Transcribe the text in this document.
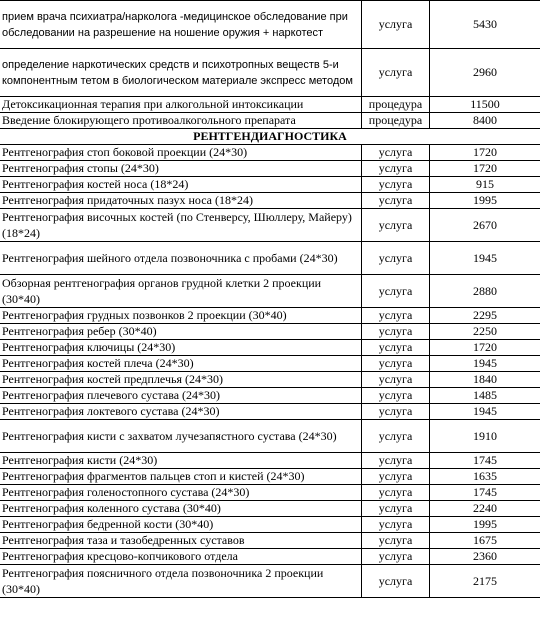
прием врача психиатра/нарколога -медицинское обследование при обследовании на разрешение на ношение оружия + наркотест	услуга	5430
определение наркотических средств и психотропных веществ 5-и компонентным тетом в биологическом материале экспресс методом	услуга	2960
Детоксикационная терапия при алкогольной интоксикации	процедура	11500
Введение блокирующего противоалкогольного препарата	процедура	8400
РЕНТГЕНДИАГНОСТИКА		
Рентгенография стоп боковой проекции (24*30)	услуга	1720
Рентгенография стопы (24*30)	услуга	1720
Рентгенография костей носа (18*24)	услуга	915
Рентгенография придаточных пазух носа (18*24)	услуга	1995
Рентгенография височных костей (по Стенверсу, Шюллеру, Майеру) (18*24)	услуга	2670
Рентгенография шейного отдела позвоночника с пробами (24*30)	услуга	1945
Обзорная рентгенография органов грудной клетки 2 проекции (30*40)	услуга	2880
Рентгенография грудных позвонков 2 проекции (30*40)	услуга	2295
Рентгенография ребер (30*40)	услуга	2250
Рентгенография ключицы (24*30)	услуга	1720
Рентгенография костей плеча (24*30)	услуга	1945
Рентгенография костей предплечья (24*30)	услуга	1840
Рентгенография плечевого сустава (24*30)	услуга	1485
Рентгенография локтевого сустава (24*30)	услуга	1945
Рентгенография кисти с захватом лучезапястного сустава (24*30)	услуга	1910
Рентгенография кисти (24*30)	услуга	1745
Рентгенография фрагментов пальцев стоп и кистей (24*30)	услуга	1635
Рентгенография голеностопного сустава (24*30)	услуга	1745
Рентгенография коленного сустава (30*40)	услуга	2240
Рентгенография бедренной кости (30*40)	услуга	1995
Рентгенография таза и тазобедренных суставов	услуга	1675
Рентгенография кресцово-копчикового отдела	услуга	2360
Рентгенография поясничного отдела позвоночника 2 проекции (30*40)	услуга	2175
